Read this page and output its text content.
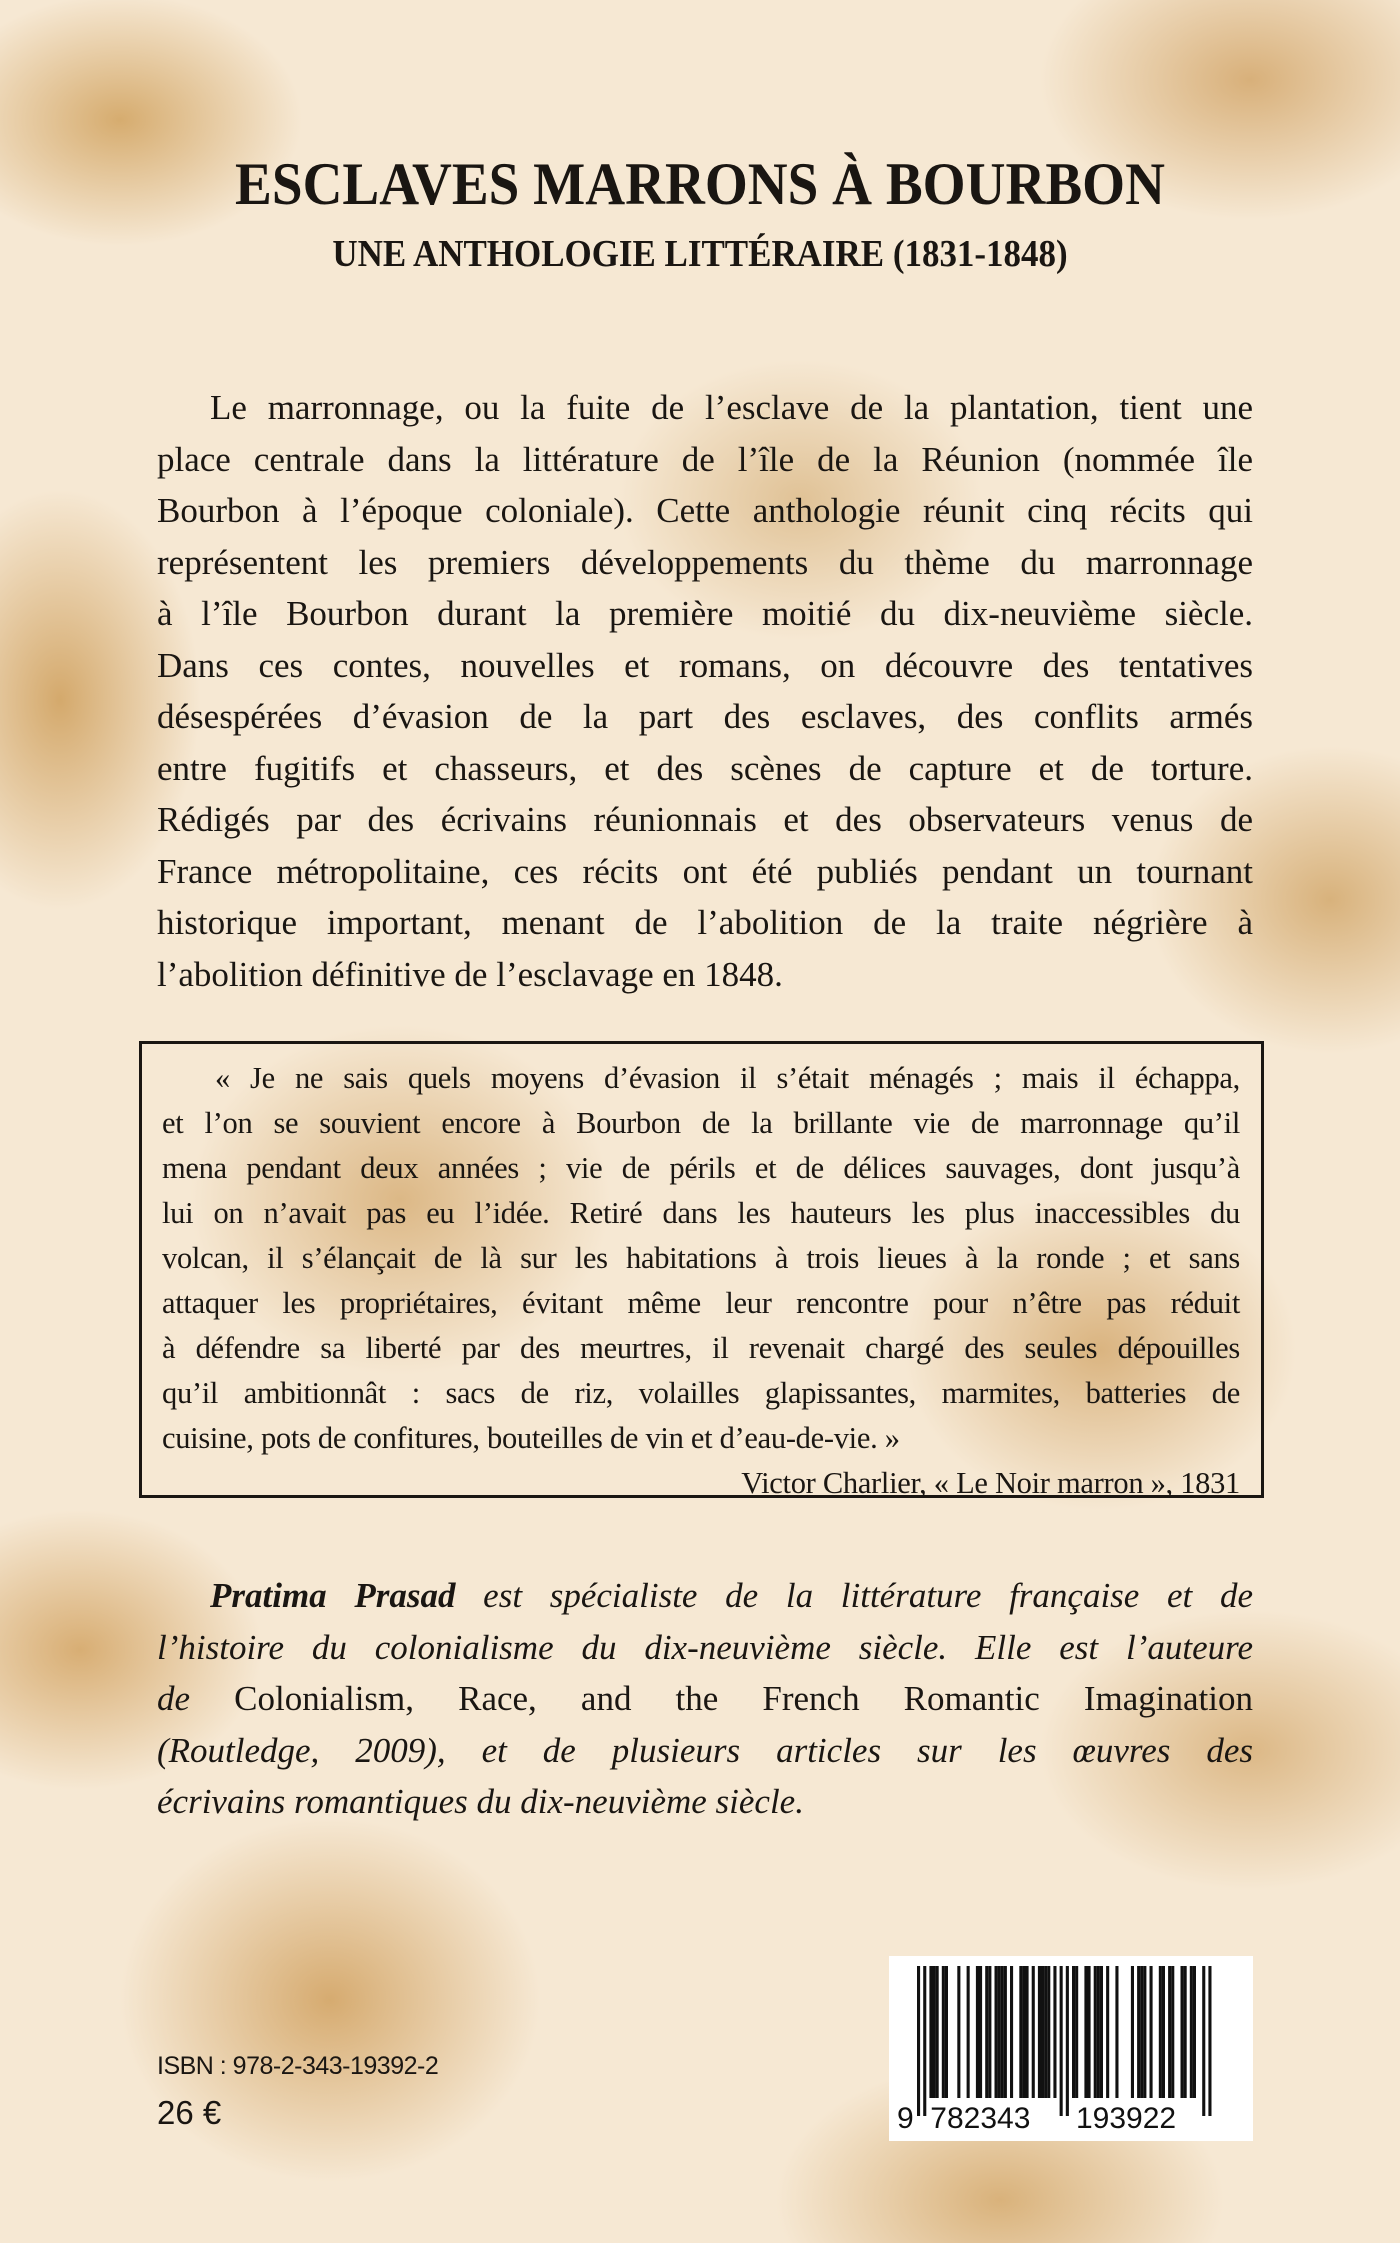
ESCLAVES MARRONS À BOURBON
UNE ANTHOLOGIE LITTÉRAIRE (1831-1848)
Le marronnage, ou la fuite de l’esclave de la plantation, tient une
place centrale dans la littérature de l’île de la Réunion (nommée île
Bourbon à l’époque coloniale). Cette anthologie réunit cinq récits qui
représentent les premiers développements du thème du marronnage
à l’île Bourbon durant la première moitié du dix-neuvième siècle.
Dans ces contes, nouvelles et romans, on découvre des tentatives
désespérées d’évasion de la part des esclaves, des conflits armés
entre fugitifs et chasseurs, et des scènes de capture et de torture.
Rédigés par des écrivains réunionnais et des observateurs venus de
France métropolitaine, ces récits ont été publiés pendant un tournant
historique important, menant de l’abolition de la traite négrière à
l’abolition définitive de l’esclavage en 1848.
« Je ne sais quels moyens d’évasion il s’était ménagés ; mais il échappa,
et l’on se souvient encore à Bourbon de la brillante vie de marronnage qu’il
mena pendant deux années ; vie de périls et de délices sauvages, dont jusqu’à
lui on n’avait pas eu l’idée. Retiré dans les hauteurs les plus inaccessibles du
volcan, il s’élançait de là sur les habitations à trois lieues à la ronde ; et sans
attaquer les propriétaires, évitant même leur rencontre pour n’être pas réduit
à défendre sa liberté par des meurtres, il revenait chargé des seules dépouilles
qu’il ambitionnât : sacs de riz, volailles glapissantes, marmites, batteries de
cuisine, pots de confitures, bouteilles de vin et d’eau-de-vie. »
Victor Charlier, « Le Noir marron », 1831
Pratima Prasad est spécialiste de la littérature française et de
l’histoire du colonialisme du dix-neuvième siècle. Elle est l’auteure
de Colonialism, Race, and the French Romantic Imagination
(Routledge, 2009), et de plusieurs articles sur les œuvres des
écrivains romantiques du dix-neuvième siècle.
ISBN : 978-2-343-19392-2
26 €	9 782343 193922
